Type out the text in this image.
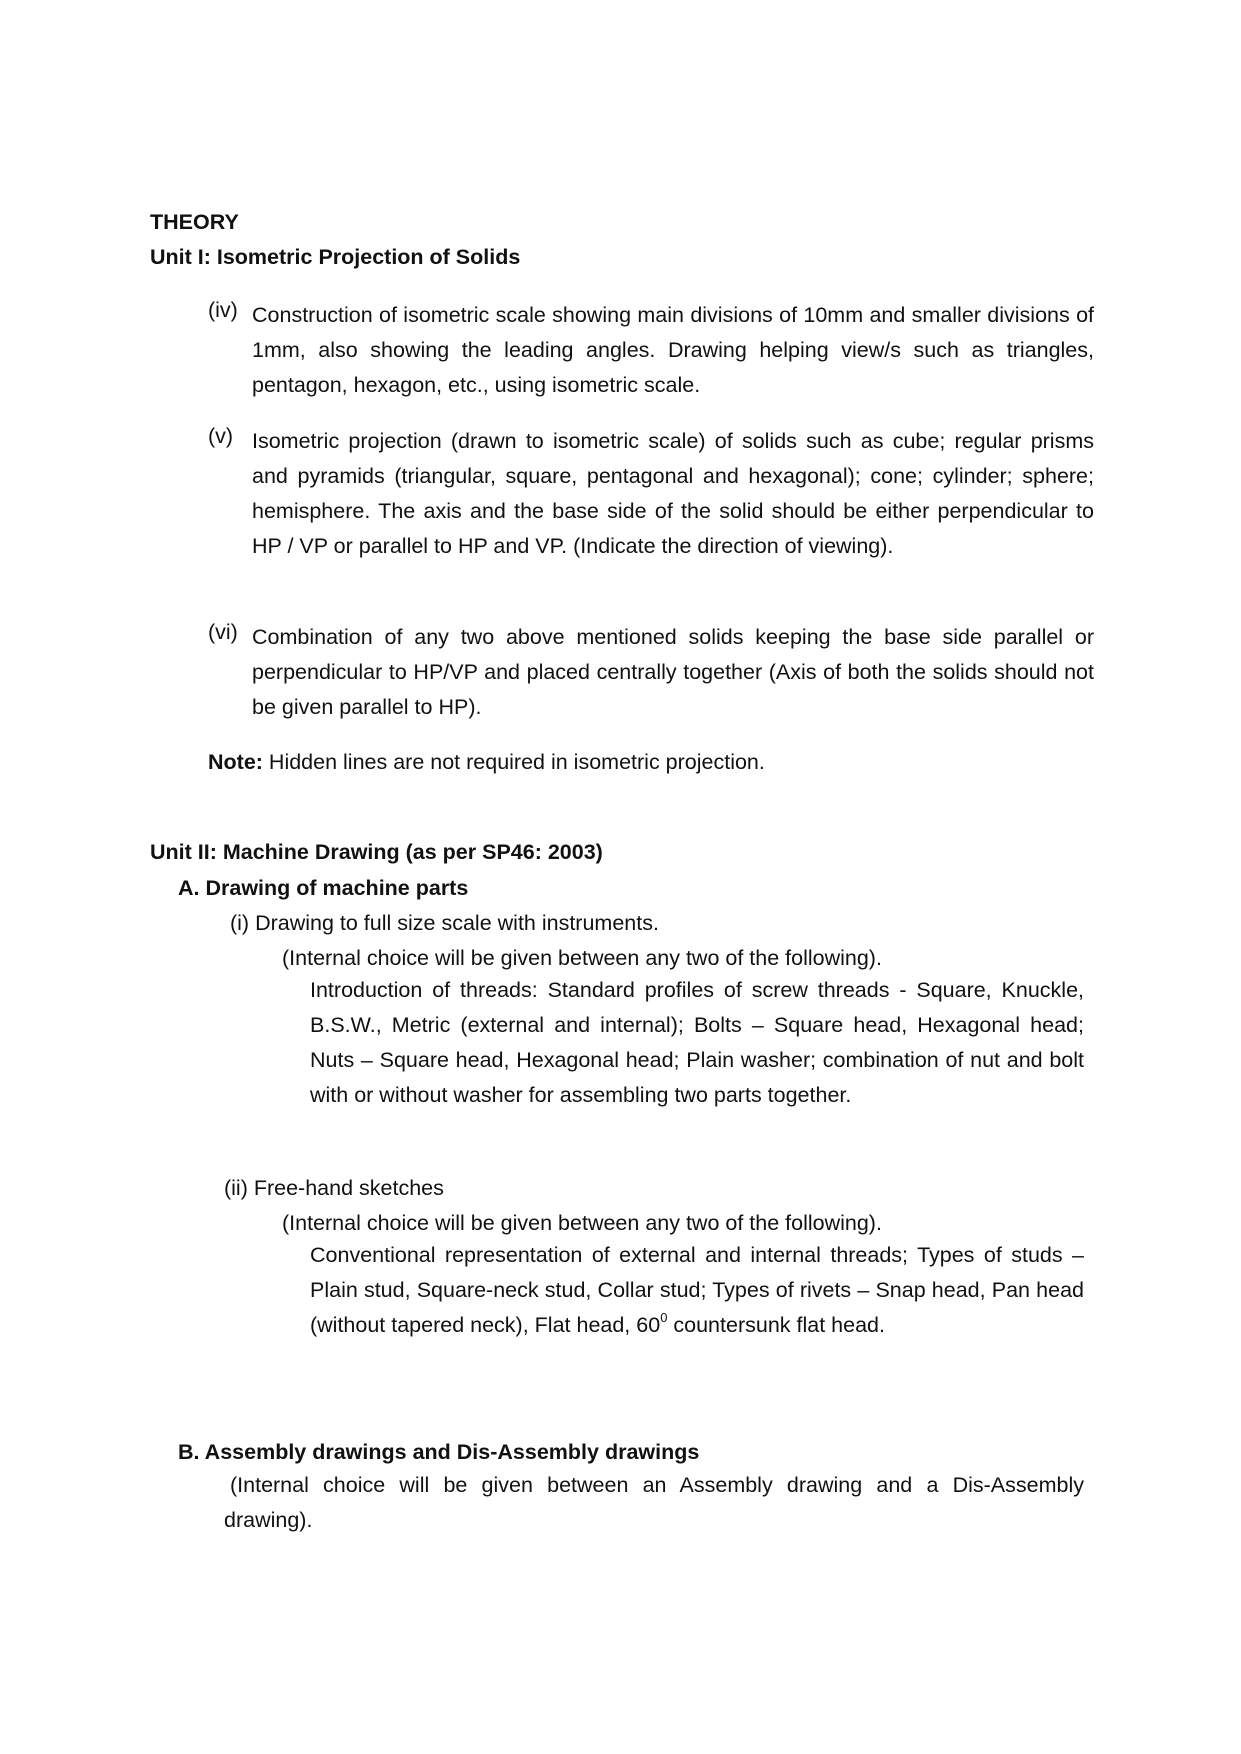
THEORY
Unit I: Isometric Projection of Solids
(iv) Construction of isometric scale showing main divisions of 10mm and smaller divisions of 1mm, also showing the leading angles. Drawing helping view/s such as triangles, pentagon, hexagon, etc., using isometric scale.
(v) Isometric projection (drawn to isometric scale) of solids such as cube; regular prisms and pyramids (triangular, square, pentagonal and hexagonal); cone; cylinder; sphere; hemisphere. The axis and the base side of the solid should be either perpendicular to HP / VP or parallel to HP and VP. (Indicate the direction of viewing).
(vi) Combination of any two above mentioned solids keeping the base side parallel or perpendicular to HP/VP and placed centrally together (Axis of both the solids should not be given parallel to HP).
Note: Hidden lines are not required in isometric projection.
Unit II: Machine Drawing (as per SP46: 2003)
A. Drawing of machine parts
(i) Drawing to full size scale with instruments.
(Internal choice will be given between any two of the following).
Introduction of threads: Standard profiles of screw threads - Square, Knuckle, B.S.W., Metric (external and internal); Bolts – Square head, Hexagonal head; Nuts – Square head, Hexagonal head; Plain washer; combination of nut and bolt with or without washer for assembling two parts together.
(ii) Free-hand sketches
(Internal choice will be given between any two of the following).
Conventional representation of external and internal threads; Types of studs – Plain stud, Square-neck stud, Collar stud; Types of rivets – Snap head, Pan head (without tapered neck), Flat head, $60^0$ countersunk flat head.
B. Assembly drawings and Dis-Assembly drawings
(Internal choice will be given between an Assembly drawing and a Dis-Assembly drawing).
